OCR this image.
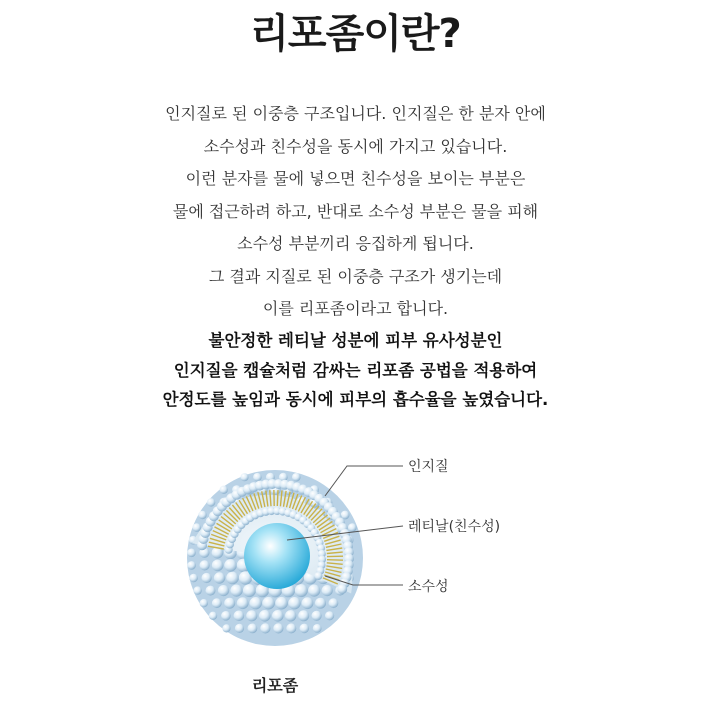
리포좀이란?
인지질로 된 이중층 구조입니다. 인지질은 한 분자 안에
소수성과 친수성을 동시에 가지고 있습니다.
이런 분자를 물에 넣으면 친수성을 보이는 부분은
물에 접근하려 하고, 반대로 소수성 부분은 물을 피해
소수성 부분끼리 응집하게 됩니다.
그 결과 지질로 된 이중층 구조가 생기는데
이를 리포좀이라고 합니다.
불안정한 레티날 성분에 피부 유사성분인
인지질을 캡슐처럼 감싸는 리포좀 공법을 적용하여
안정도를 높임과 동시에 피부의 흡수율을 높였습니다.
인지질
레티날(친수성)
소수성
리포좀
